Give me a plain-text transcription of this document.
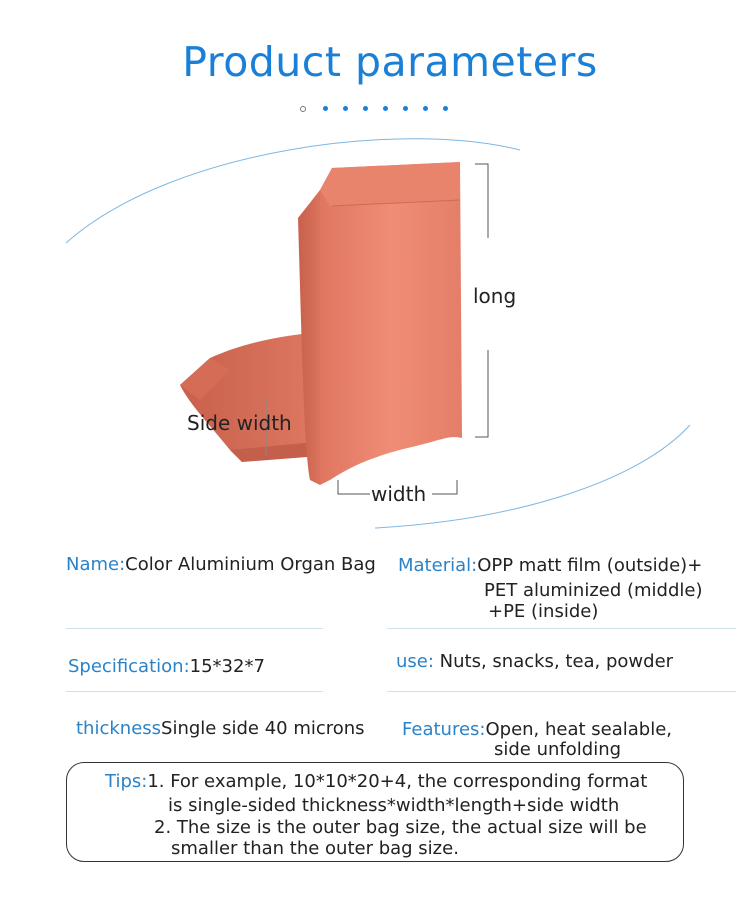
Product parameters
long
Side width
width
Name:Color Aluminium Organ Bag Material:OPP matt film (outside)+
PET aluminized (middle)
+PE (inside)
Specification:15*32*7	use: Nuts, snacks, tea, powder
thicknessSingle side 40 microns Features:Open, heat sealable,
side unfolding
Tips:1. For example, 10*10*20+4, the corresponding format
is single-sided thickness*width*length+side width
2. The size is the outer bag size, the actual size will be
smaller than the outer bag size.
